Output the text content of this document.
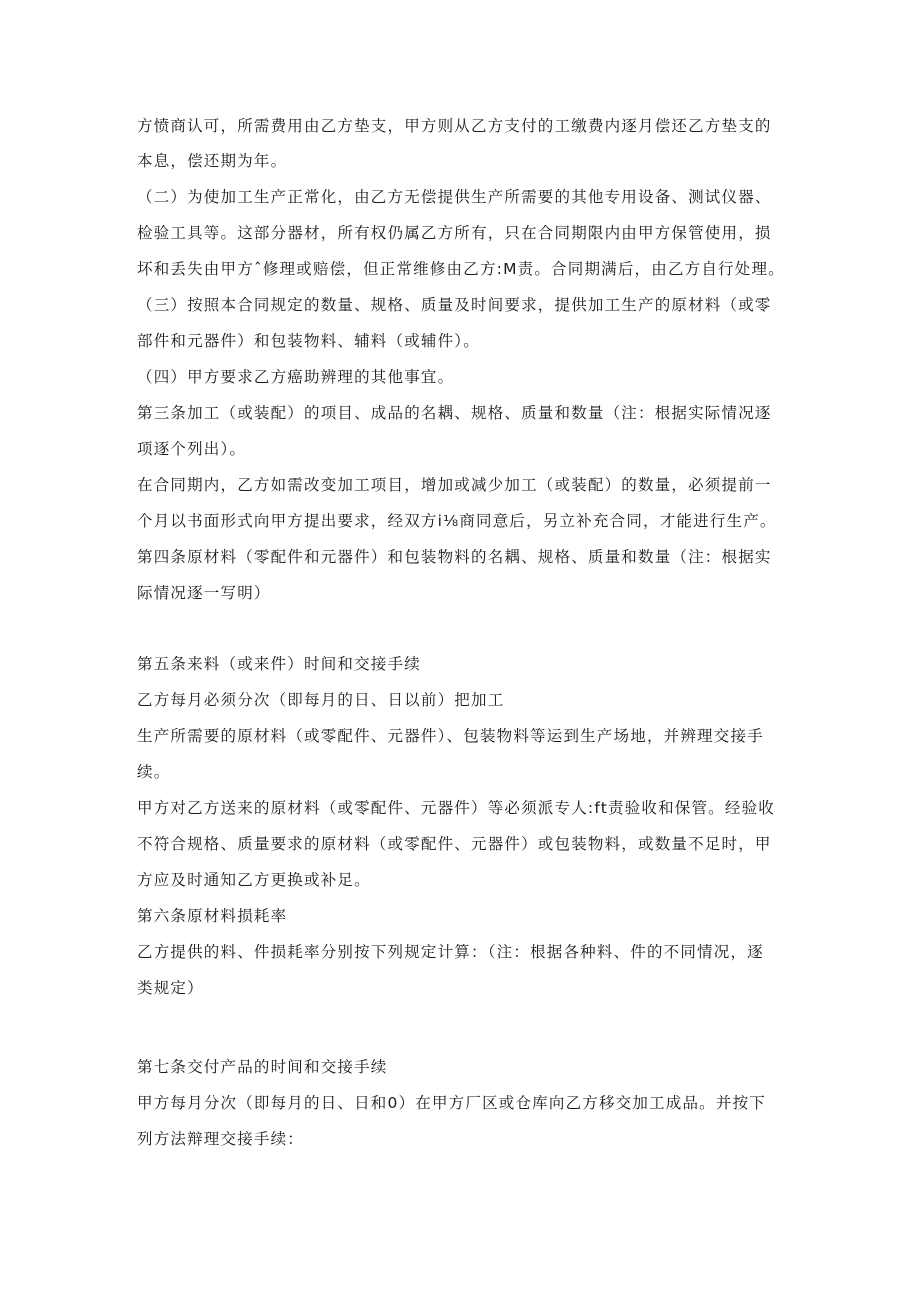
方愤商认可，所需费用由乙方垫支，甲方则从乙方支付的工缴费内逐月偿还乙方垫支的
本息，偿还期为年。
（二）为使加工生产正常化，由乙方无偿提供生产所需要的其他专用设备、测试仪器、
检验工具等。这部分器材，所有权仍属乙方所有，只在合同期限内由甲方保管使用，损
坏和丢失由甲方ˆ修理或赔偿，但正常维修由乙方:M责。合同期满后，由乙方自行处理。
（三）按照本合同规定的数量、规格、质量及时间要求，提供加工生产的原材料（或零
部件和元器件）和包装物料、辅料（或辅件）。
（四）甲方要求乙方癌助辨理的其他事宜。
第三条加工（或装配）的项目、成品的名耦、规格、质量和数量（注：根据实际情况逐
项逐个列出）。
在合同期内，乙方如需改变加工项目，增加或减少加工（或装配）的数量，必须提前一
个月以书面形式向甲方提出要求，经双方i⅛商同意后，另立补充合同，才能进行生产。
第四条原材料（零配件和元器件）和包装物料的名耦、规格、质量和数量（注：根据实
际情况逐一写明）
第五条来料（或来件）时间和交接手续
乙方每月必须分次（即每月的日、日以前）把加工
生产所需要的原材料（或零配件、元器件）、包装物料等运到生产场地，并辨理交接手
续。
甲方对乙方送来的原材料（或零配件、元器件）等必须派专人:ft责验收和保管。经验收
不符合规格、质量要求的原材料（或零配件、元器件）或包装物料，或数量不足时，甲
方应及时通知乙方更换或补足。
第六条原材料损耗率
乙方提供的料、件损耗率分别按下列规定计算：（注：根据各种料、件的不同情况，逐
类规定）
第七条交付产品的时间和交接手续
甲方每月分次（即每月的日、日和0）在甲方厂区或仓库向乙方移交加工成品。并按下
列方法辩理交接手续：
